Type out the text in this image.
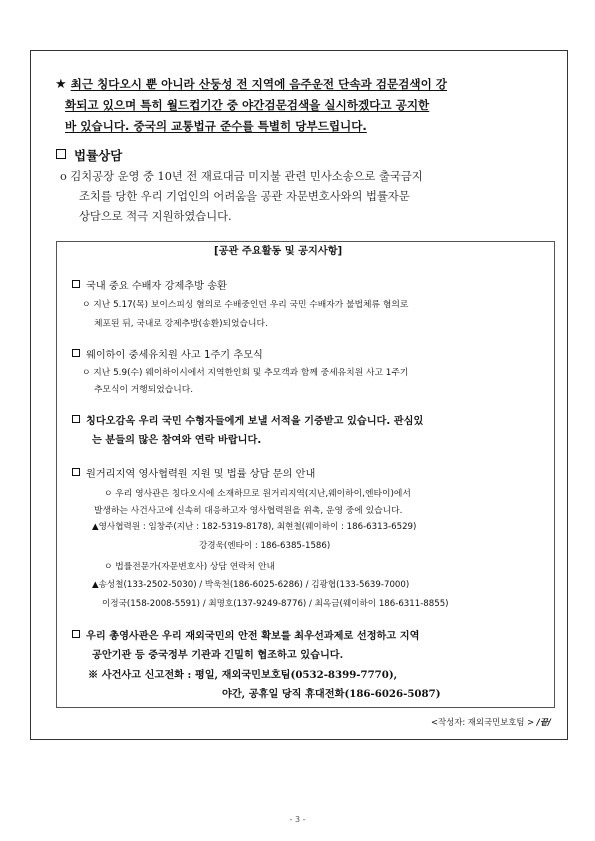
★ 최근 칭다오시 뿐 아니라 산둥성 전 지역에 음주운전 단속과 검문검색이 강
화되고 있으며 특히 월드컵기간 중 야간검문검색을 실시하겠다고 공지한
바 있습니다. 중국의 교통법규 준수를 특별히 당부드립니다.
법률상담
o 김치공장 운영 중 10년 전 재료대금 미지불 관련 민사소송으로 출국금지
조치를 당한 우리 기업인의 어려움을 공관 자문변호사와의 법률자문
상담으로 적극 지원하였습니다.
[공관 주요활동 및 공지사항]
국내 중요 수배자 강제추방 송환
ㅇ 지난 5.17(목) 보이스피싱 혐의로 수배중인던 우리 국민 수배자가 불법체류 혐의로
체포된 뒤, 국내로 강제추방(송환)되었습니다.
웨이하이 중세유치원 사고 1주기 추모식
ㅇ 지난 5.9(수) 웨이하이시에서 지역한인회 및 추모객과 함께 중세유치원 사고 1주기
추모식이 거행되었습니다.
칭다오감옥 우리 국민 수형자들에게 보낼 서적을 기증받고 있습니다. 관심있
는 분들의 많은 참여와 연락 바랍니다.
원거리지역 영사협력원 지원 및 법률 상담 문의 안내
ㅇ 우리 영사관은 칭다오시에 소재하므로 원거리지역(지난,웨이하이,엔타이)에서
발생하는 사건사고에 신속히 대응하고자 영사협력원을 위촉, 운영 중에 있습니다.
▲영사협력원 : 임창주(지난 : 182-5319-8178), 최현철(웨이하이 : 186-6313-6529)
강경욱(엔타이 : 186-6385-1586)
ㅇ 법률전문가(자문변호사) 상담 연락처 안내
▲송성철(133-2502-5030) / 박욱천(186-6025-6286) / 김광협(133-5639-7000)
이정국(158-2008-5591) / 최명호(137-9249-8776) / 최옥금(웨이하이 186-6311-8855)
우리 총영사관은 우리 재외국민의 안전 확보를 최우선과제로 선정하고 지역
공안기관 등 중국정부 기관과 긴밀히 협조하고 있습니다.
※ 사건사고 신고전화 : 평일, 재외국민보호팀(0532-8399-7770),
야간, 공휴일 당직 휴대전화(186-6026-5087)
<작성자: 재외국민보호팀 > /끝/
- 3 -
